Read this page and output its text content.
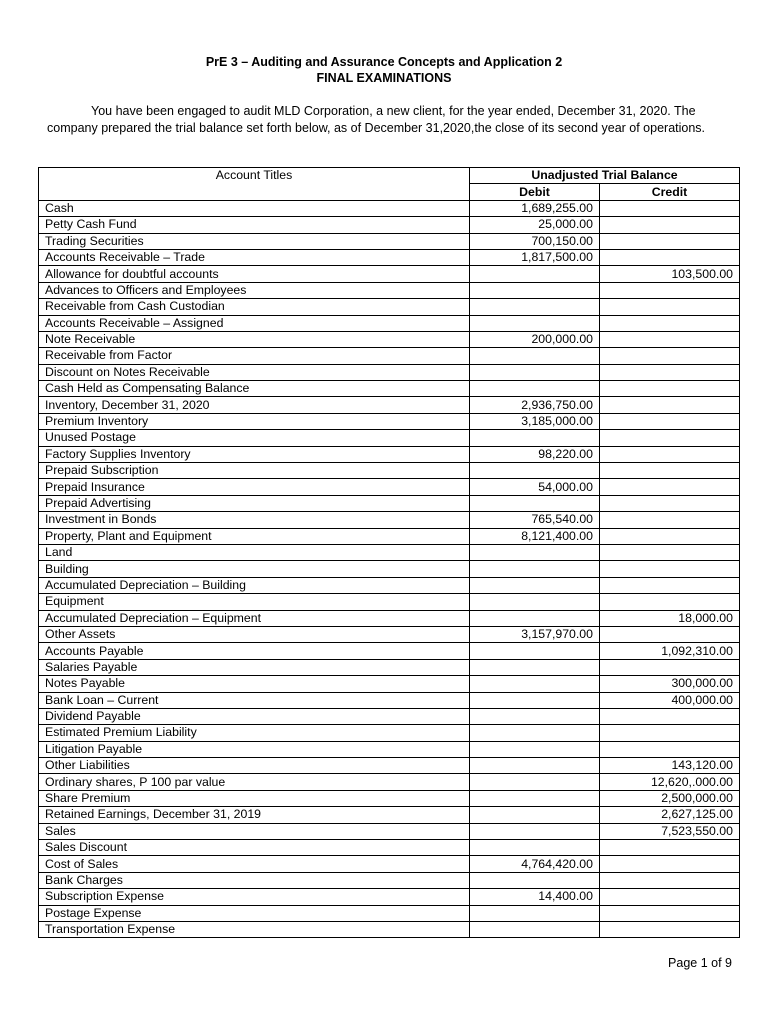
PrE 3 – Auditing and Assurance Concepts and Application 2
FINAL EXAMINATIONS
You have been engaged to audit MLD Corporation, a new client, for the year ended, December 31, 2020. The company prepared the trial balance set forth below, as of December 31,2020,the close of its second year of operations.
Account Titles	Unadjusted Trial Balance	
	Debit	Credit
Cash	1,689,255.00	
Petty Cash Fund	25,000.00	
Trading Securities	700,150.00	
Accounts Receivable – Trade	1,817,500.00	
Allowance for doubtful accounts		103,500.00
Advances to Officers and Employees		
Receivable from Cash Custodian		
Accounts Receivable – Assigned		
Note Receivable	200,000.00	
Receivable from Factor		
Discount on Notes Receivable		
Cash Held as Compensating Balance		
Inventory, December 31, 2020	2,936,750.00	
Premium Inventory	3,185,000.00	
Unused Postage		
Factory Supplies Inventory	98,220.00	
Prepaid Subscription		
Prepaid Insurance	54,000.00	
Prepaid Advertising		
Investment in Bonds	765,540.00	
Property, Plant and Equipment	8,121,400.00	
Land		
Building		
Accumulated Depreciation – Building		
Equipment		
Accumulated Depreciation – Equipment		18,000.00
Other Assets	3,157,970.00	
Accounts Payable		1,092,310.00
Salaries Payable		
Notes Payable		300,000.00
Bank Loan – Current		400,000.00
Dividend Payable		
Estimated Premium Liability		
Litigation Payable		
Other Liabilities		143,120.00
Ordinary shares, P 100 par value		12,620,.000.00
Share Premium		2,500,000.00
Retained Earnings, December 31, 2019		2,627,125.00
Sales		7,523,550.00
Sales Discount		
Cost of Sales	4,764,420.00	
Bank Charges		
Subscription Expense	14,400.00	
Postage Expense		
Transportation Expense		
Page 1 of 9
